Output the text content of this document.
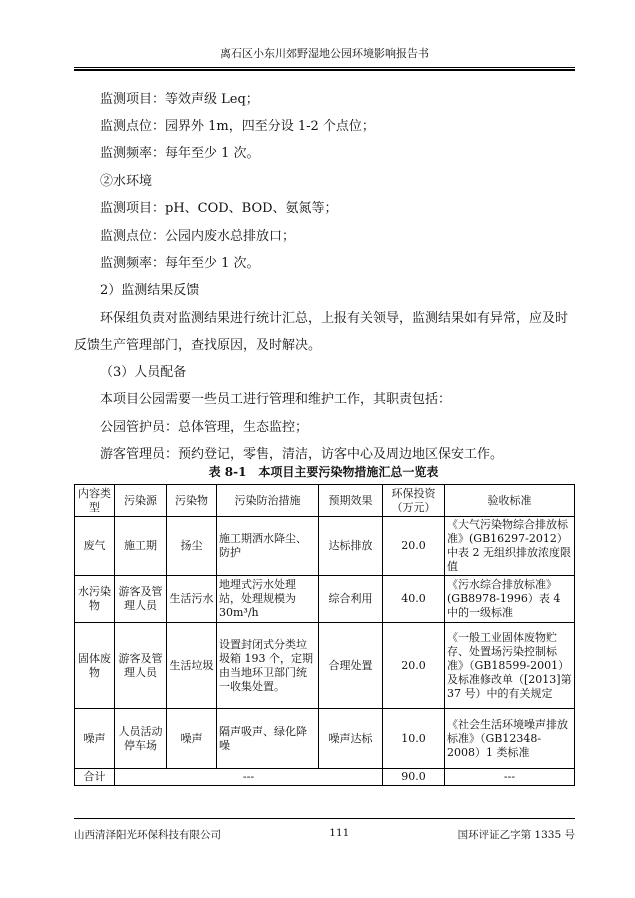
离石区小东川郊野湿地公园环境影响报告书
监测项目：等效声级 Leq；
监测点位：园界外 1m，四至分设 1-2 个点位；
监测频率：每年至少 1 次。
②水环境
监测项目：pH、COD、BOD、氨氮等；
监测点位：公园内废水总排放口；
监测频率：每年至少 1 次。
2）监测结果反馈
环保组负责对监测结果进行统计汇总，上报有关领导，监测结果如有异常，应及时反馈生产管理部门，查找原因，及时解决。
（3）人员配备
本项目公园需要一些员工进行管理和维护工作，其职责包括：
公园管护员：总体管理，生态监控；
游客管理员：预约登记，零售，清洁，访客中心及周边地区保安工作。
表 8-1　本项目主要污染物措施汇总一览表
内容类型	污染源	污染物	污染防治措施	预期效果	环保投资（万元）	验收标准
废气	施工期	扬尘	施工期洒水降尘、防护	达标排放	20.0	《大气污染物综合排放标准》(GB16297-2012）中表 2 无组织排放浓度限值
水污染物	游客及管理人员	生活污水	地埋式污水处理站，处理规模为 30m³/h	综合利用	40.0	《污水综合排放标准》(GB8978-1996）表 4 中的一级标准
固体废物	游客及管理人员	生活垃圾	设置封闭式分类垃圾箱 193 个，定期由当地环卫部门统一收集处置。	合理处置	20.0	《一般工业固体废物贮存、处置场污染控制标准》（GB18599-2001）及标准修改单（[2013]第 37 号）中的有关规定
噪声	人员活动停车场	噪声	隔声吸声、绿化降噪	噪声达标	10.0	《社会生活环境噪声排放标准》（GB12348-2008）1 类标准
合计	---				90.0	---
山西清泽阳光环保科技有限公司	111	国环评证乙字第 1335 号
